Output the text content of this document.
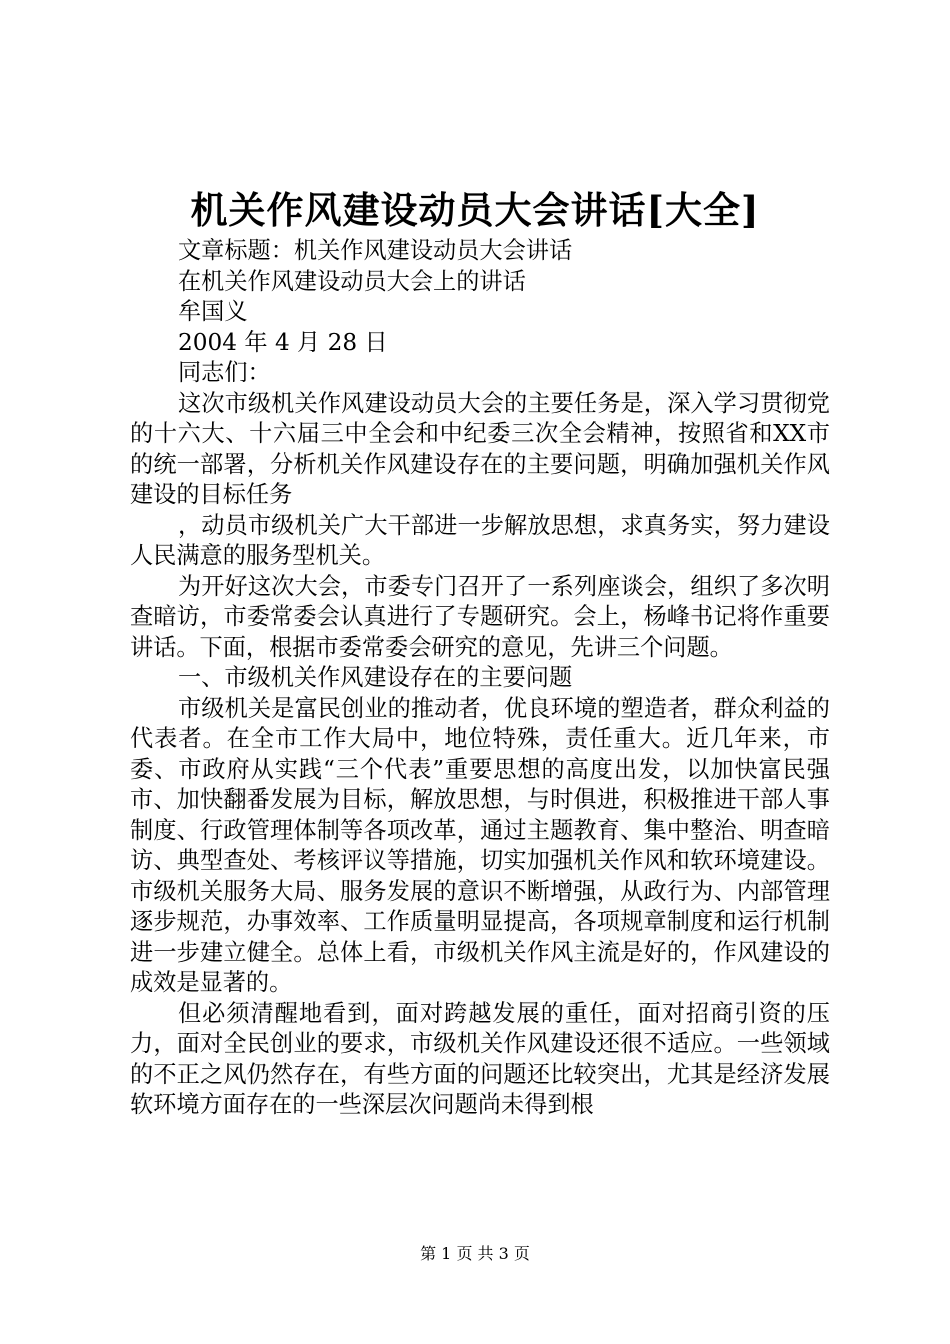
机关作风建设动员大会讲话[大全]

文章标题：机关作风建设动员大会讲话

在机关作风建设动员大会上的讲话

牟国义

2004 年 4 月 28 日

同志们：

这次市级机关作风建设动员大会的主要任务是，深入学习贯彻党的十六大、十六届三中全会和中纪委三次全会精神，按照省和XX市的统一部署，分析机关作风建设存在的主要问题，明确加强机关作风建设的目标任务

，动员市级机关广大干部进一步解放思想，求真务实，努力建设人民满意的服务型机关。

为开好这次大会，市委专门召开了一系列座谈会，组织了多次明查暗访，市委常委会认真进行了专题研究。会上，杨峰书记将作重要讲话。下面，根据市委常委会研究的意见，先讲三个问题。

一、市级机关作风建设存在的主要问题

市级机关是富民创业的推动者，优良环境的塑造者，群众利益的代表者。在全市工作大局中，地位特殊，责任重大。近几年来，市委、市政府从实践“三个代表”重要思想的高度出发，以加快富民强市、加快翻番发展为目标，解放思想，与时俱进，积极推进干部人事制度、行政管理体制等各项改革，通过主题教育、集中整治、明查暗访、典型查处、考核评议等措施，切实加强机关作风和软环境建设。市级机关服务大局、服务发展的意识不断增强，从政行为、内部管理逐步规范，办事效率、工作质量明显提高，各项规章制度和运行机制进一步建立健全。总体上看，市级机关作风主流是好的，作风建设的成效是显著的。

但必须清醒地看到，面对跨越发展的重任，面对招商引资的压力，面对全民创业的要求，市级机关作风建设还很不适应。一些领域的不正之风仍然存在，有些方面的问题还比较突出，尤其是经济发展软环境方面存在的一些深层次问题尚未得到根

第 1 页 共 3 页
